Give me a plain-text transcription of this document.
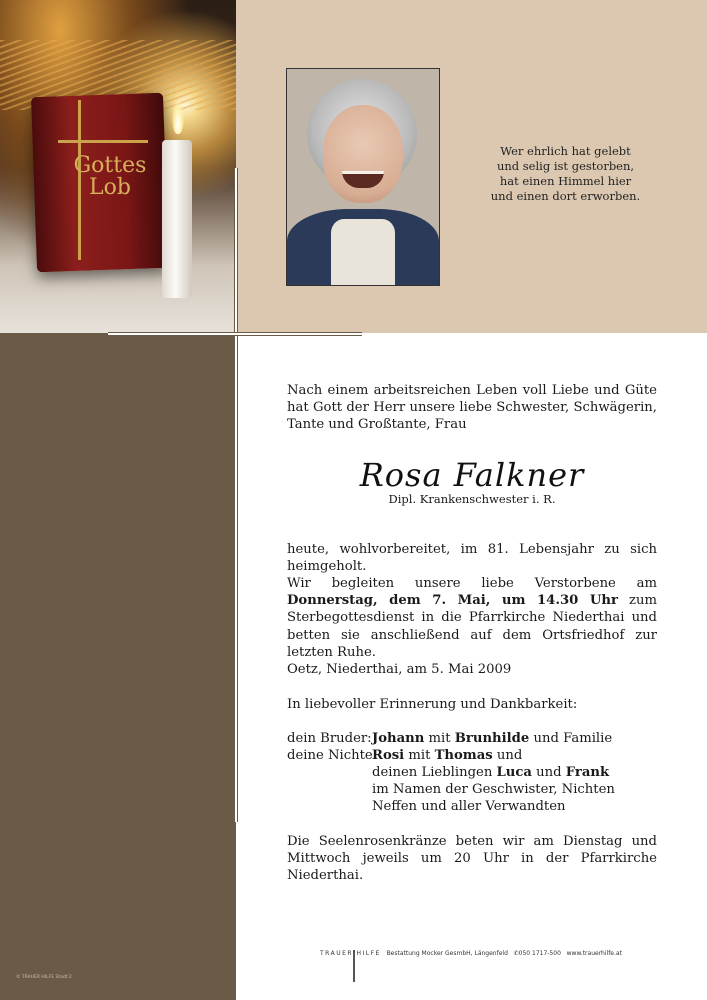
Gottes
Lob
Wer ehrlich hat gelebt
und selig ist gestorben,
hat einen Himmel hier
und einen dort erworben.
Nach einem arbeitsreichen Leben voll Liebe und Güte hat Gott der Herr unsere liebe Schwester, Schwägerin, Tante und Großtante, Frau
Rosa Falkner
Dipl. Krankenschwester i. R.
heute, wohlvorbereitet, im 81. Lebensjahr zu sich heimgeholt.
Wir begleiten unsere liebe Verstorbene am Donnerstag, dem 7. Mai, um 14.30 Uhr zum Sterbegottesdienst in die Pfarrkirche Niederthai und betten sie anschließend auf dem Ortsfriedhof zur letzten Ruhe.
Oetz, Niederthai, am 5. Mai 2009
In liebevoller Erinnerung und Dankbarkeit:
dein Bruder:Johann mit Brunhilde und Familie
deine Nichte:Rosi mit Thomas und
deinen Lieblingen Luca und Frank
im Namen der Geschwister, Nichten
Neffen und aller Verwandten
Die Seelenrosenkränze beten wir am Dienstag und Mittwoch jeweils um 20 Uhr in der Pfarrkirche Niederthai.
TRAUER HILFE Bestattung Mocker GesmbH, Längenfeld ✆050 1717-500 www.trauerhilfe.at
© TRAUER HILFE Stadt 2
